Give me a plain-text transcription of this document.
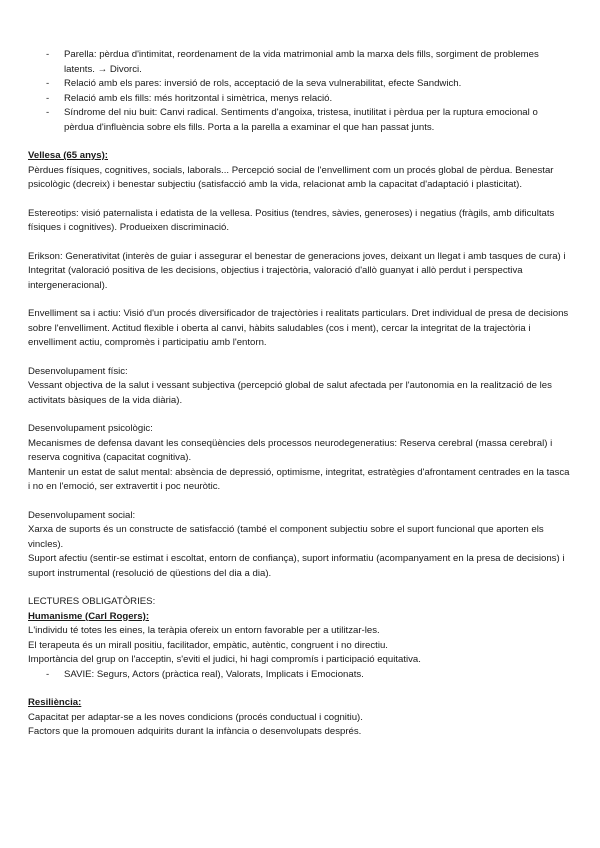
- Parella: pèrdua d'intimitat, reordenament de la vida matrimonial amb la marxa dels fills, sorgiment de problemes latents. → Divorci.
- Relació amb els pares: inversió de rols, acceptació de la seva vulnerabilitat, efecte Sandwich.
- Relació amb els fills: més horitzontal i simètrica, menys relació.
- Síndrome del niu buit: Canvi radical. Sentiments d'angoixa, tristesa, inutilitat i pèrdua per la ruptura emocional o pèrdua d'influència sobre els fills. Porta a la parella a examinar el que han passat junts.
Vellesa (65 anys):

Pèrdues físiques, cognitives, socials, laborals... Percepció social de l'envelliment com un procés global de pèrdua. Benestar psicològic (decreix) i benestar subjectiu (satisfacció amb la vida, relacionat amb la capacitat d'adaptació i plasticitat).

Estereotips: visió paternalista i edatista de la vellesa. Positius (tendres, sàvies, generoses) i negatius (fràgils, amb dificultats físiques i cognitives). Produeixen discriminació.

Erikson: Generativitat (interès de guiar i assegurar el benestar de generacions joves, deixant un llegat i amb tasques de cura) i Integritat (valoració positiva de les decisions, objectius i trajectòria, valoració d'allò guanyat i allò perdut i perspectiva intergeneracional).

Envelliment sa i actiu: Visió d'un procés diversificador de trajectòries i realitats particulars. Dret individual de presa de decisions sobre l'envelliment. Actitud flexible i oberta al canvi, hàbits saludables (cos i ment), cercar la integritat de la trajectòria i envelliment actiu, compromès i participatiu amb l'entorn.

Desenvolupament físic:

Vessant objectiva de la salut i vessant subjectiva (percepció global de salut afectada per l'autonomia en la realització de les activitats bàsiques de la vida diària).

Desenvolupament psicològic:

Mecanismes de defensa davant les conseqüències dels processos neurodegeneratius: Reserva cerebral (massa cerebral) i reserva cognitiva (capacitat cognitiva).

Mantenir un estat de salut mental: absència de depressió, optimisme, integritat, estratègies d'afrontament centrades en la tasca i no en l'emoció, ser extravertit i poc neuròtic.

Desenvolupament social:

Xarxa de suports és un constructe de satisfacció (també el component subjectiu sobre el suport funcional que aporten els vincles).

Suport afectiu (sentir-se estimat i escoltat, entorn de confiança), suport informatiu (acompanyament en la presa de decisions) i suport instrumental (resolució de qüestions del dia a dia).

LECTURES OBLIGATÒRIES:

Humanisme (Carl Rogers):

L'individu té totes les eines, la teràpia ofereix un entorn favorable per a utilitzar-les.

El terapeuta és un mirall positiu, facilitador, empàtic, autèntic, congruent i no directiu.

Importància del grup on l'acceptin, s'eviti el judici, hi hagi compromís i participació equitativa.

- SAVIE: Segurs, Actors (pràctica real), Valorats, Implicats i Emocionats.
Resiliència:

Capacitat per adaptar-se a les noves condicions (procés conductual i cognitiu).

Factors que la promouen adquirits durant la infància o desenvolupats després.
